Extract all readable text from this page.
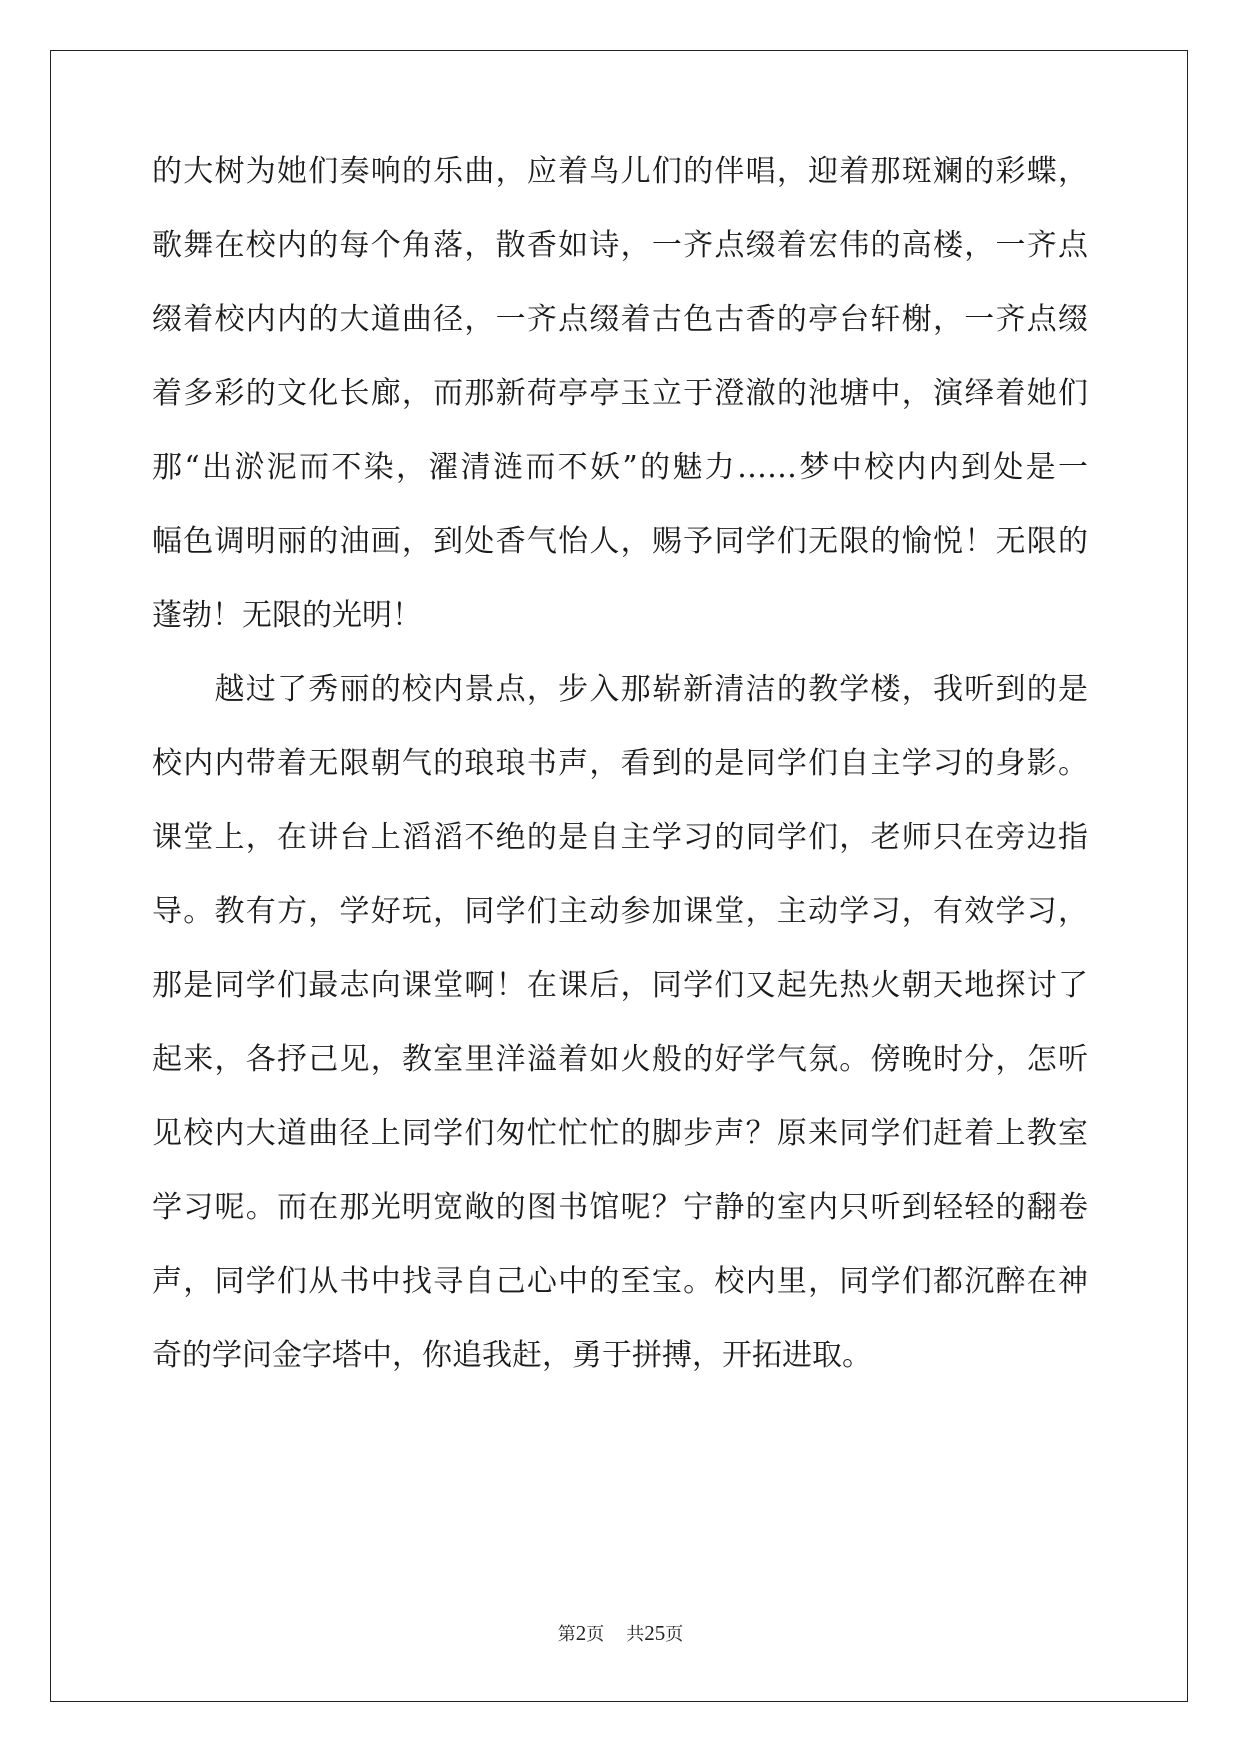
的大树为她们奏响的乐曲，应着鸟儿们的伴唱，迎着那斑斓的彩蝶，
歌舞在校内的每个角落，散香如诗，一齐点缀着宏伟的高楼，一齐点
缀着校内内的大道曲径，一齐点缀着古色古香的亭台轩榭，一齐点缀
着多彩的文化长廊，而那新荷亭亭玉立于澄澈的池塘中，演绎着她们
那“出淤泥而不染，濯清涟而不妖”的魅力……梦中校内内到处是一
幅色调明丽的油画，到处香气怡人，赐予同学们无限的愉悦！无限的
蓬勃！无限的光明！
　　越过了秀丽的校内景点，步入那崭新清洁的教学楼，我听到的是
校内内带着无限朝气的琅琅书声，看到的是同学们自主学习的身影。
课堂上，在讲台上滔滔不绝的是自主学习的同学们，老师只在旁边指
导。教有方，学好玩，同学们主动参加课堂，主动学习，有效学习，
那是同学们最志向课堂啊！在课后，同学们又起先热火朝天地探讨了
起来，各抒己见，教室里洋溢着如火般的好学气氛。傍晚时分，怎听
见校内大道曲径上同学们匆忙忙忙的脚步声？原来同学们赶着上教室
学习呢。而在那光明宽敞的图书馆呢？宁静的室内只听到轻轻的翻卷
声，同学们从书中找寻自己心中的至宝。校内里，同学们都沉醉在神
奇的学问金字塔中，你追我赶，勇于拼搏，开拓进取。
第2页 共25页
